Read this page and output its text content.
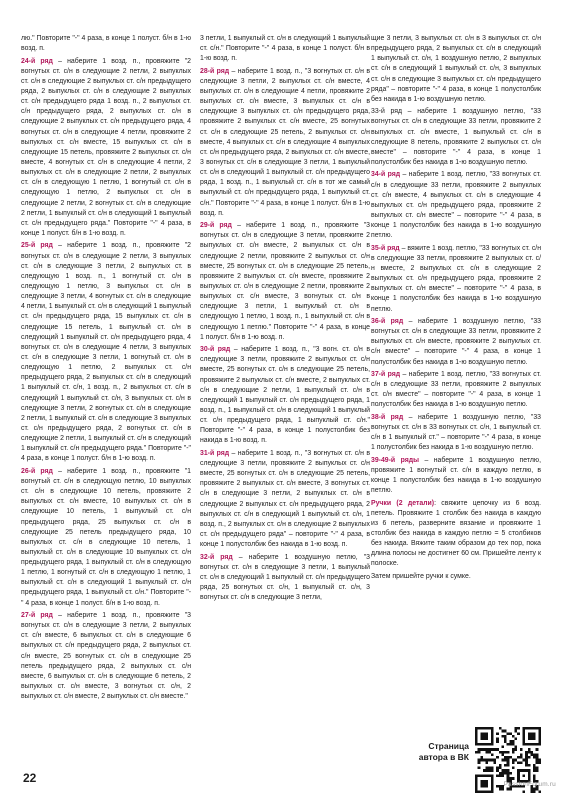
лю." Повторите "-" 4 раза, в конце 1 полуст. б/н в 1-ю возд. п.

24-й ряд – наберите 1 возд. п., провяжите "2 вогнутых ст. с/н в следующие 2 петли, 2 выпуклых ст. с/н в следующие 2 выпуклых ст. с/н предыдущего ряда, 2 выпуклых ст. с/н в следующие 2 выпуклых ст. с/н предыдущего ряда 1 возд. п., 2 выпуклых ст. с/н предыдущего ряда, 2 выпуклых ст. с/н в следующие 2 выпуклых ст. с/н предыдущего ряда, 4 вогнутых ст. с/н в следующие 4 петли, провяжите 2 выпуклых ст. с/н вместе, 15 выпуклых ст. с/н в следующие 15 петель, провяжите 2 выпуклых ст. с/н вместе, 4 вогнутых ст. с/н в следующие 4 петли, 2 выпуклых ст. с/н в следующие 2 петли, 2 выпуклых ст. с/н в следующую 1 петлю, 1 вогнутый ст. с/н в следующую 1 петлю, 2 выпуклых ст. с/н в следующие 2 петли, 2 вогнутых ст. с/н в следующие 2 петли, 1 выпуклый ст. с/н в следующий 1 выпуклый ст. с/н предыдущего ряда." Повторите "-" 4 раза, в конце 1 полуст. б/н в 1-ю возд. п.

25-й ряд – наберите 1 возд. п., провяжите "2 вогнутых ст. с/н в следующие 2 петли, 3 выпуклых ст. с/н в следующие 3 петли, 2 выпуклых ст. в следующую 1 возд. п., 1 вогнутый ст. с/н в следующую 1 петлю, 3 выпуклых ст. с/н в следующие 3 петли, 4 вогнутых ст. с/н в следующие 4 петли, 1 выпуклый ст. с/н в следующий 1 выпуклый ст. с/н предыдущего ряда, 15 выпуклых ст. с/н в следующие 15 петель, 1 выпуклый ст. с/н в следующий 1 выпуклый ст. с/н предыдущего ряда, 4 вогнутых ст. с/н в следующие 4 петли, 3 выпуклых ст. с/н в следующие 3 петли, 1 вогнутый ст. с/н в следующую 1 петлю, 2 выпуклых ст. с/н предыдущего ряда, 2 выпуклых ст. с/н в следующий 1 выпуклый ст. с/н, 1 возд. п., 2 выпуклых ст. с/н в следующий 1 выпуклый ст. с/н, 3 выпуклых ст. с/н в следующие 3 петли, 2 вогнутых ст. с/н в следующие 2 петли, 1 выпуклый ст. с/н в следующие 3 выпуклых ст. с/н предыдущего ряда, 2 вогнутых ст. с/н в следующие 2 петли, 1 выпуклый ст. с/н в следующий 1 выпуклый ст. с/н предыдущего ряда." Повторите "-" 4 раза, в конце 1 полуст. б/н в 1-ю возд. п.

26-й ряд – наберите 1 возд. п., провяжите "1 вогнутый ст. с/н в следующую петлю, 10 выпуклых ст. с/н в следующие 10 петель, провяжите 2 выпуклых ст. с/н вместе, 10 выпуклых ст. с/н в следующие 10 петель, 1 выпуклый ст. с/н предыдущего ряда, 25 выпуклых ст. с/н в следующие 25 петель предыдущего ряда, 10 выпуклых ст. с/н в следующие 10 петель, 1 выпуклый ст. с/н в следующие 10 выпуклых ст. с/н предыдущего ряда, 1 выпуклый ст. с/н в следующую 1 петлю, 1 вогнутый ст. с/н в следующую 1 петлю, 1 выпуклый ст. с/н в следующий 1 выпуклый ст. с/н предыдущего ряда, 1 выпуклый ст. с/н." Повторите "-" 4 раза, в конце 1 полуст. б/н в 1-ю возд. п.

27-й ряд – наберите 1 возд. п., провяжите "3 вогнутых ст. с/н в следующие 3 петли, 2 выпуклых ст. с/н вместе, 6 выпуклых ст. с/н в следующие 6 выпуклых ст. с/н предыдущего ряда, 2 выпуклых ст. с/н вместе, 25 вогнутых ст. с/н в следующие 25 петель предыдущего ряда, 2 выпуклых ст. с/н вместе, 6 выпуклых ст. с/н в следующие 6 петель, 2 выпуклых ст. с/н вместе, 3 вогнутых ст. с/н, 2 выпуклых ст. с/н вместе, 2 выпуклых ст. с/н вместе."

3 петли, 1 выпуклый ст. с/н в следующий 1 выпуклый ст. с/н." Повторите "-" 4 раза, в конце 1 полуст. б/н в 1-ю возд. п.

28-й ряд – наберите 1 возд. п., "3 вогнутых ст. с/н в следующие 3 петли, 2 выпуклых ст. с/н вместе, 4 выпуклых ст. с/н в следующие 4 петли, провяжите 2 выпуклых ст. с/н вместе, 3 выпуклых ст. с/н в следующие 3 выпуклых ст. с/н предыдущего ряда, провяжите 2 выпуклых ст. с/н вместе, 25 вогнутых ст. с/н в следующие 25 петель, 2 выпуклых ст. с/н вместе, 4 выпуклых ст. с/н в следующие 4 выпуклых ст. с/н предыдущего ряда, 2 выпуклых ст. с/н вместе, 3 вогнутых ст. с/н в следующие 3 петли, 1 выпуклый ст. с/н в следующий 1 выпуклый ст. с/н предыдущего ряда, 1 возд. п., 1 выпуклый ст. с/н в тот же самый выпуклый ст. с/н предыдущего ряда, 1 выпуклый ст. с/н." Повторите "-" 4 раза, в конце 1 полуст. б/н в 1-ю возд. п.

29-й ряд – наберите 1 возд. п., провяжите "3 вогнутых ст. с/н в следующие 3 петли, провяжите 2 выпуклых ст. с/н вместе, 2 выпуклых ст. с/н в следующие 2 петли, провяжите 2 выпуклых ст. с/н вместе, 25 вогнутых ст. с/н в следующие 25 петель, провяжите 2 выпуклых ст. с/н вместе, провяжите 2 выпуклых ст. с/н в следующие 2 петли, провяжите 2 выпуклых ст. с/н вместе, 3 вогнутых ст. с/н в следующие 3 петли, 1 выпуклый ст. с/н в следующую 1 петлю, 1 возд. п., 1 выпуклый ст. с/н в следующую 1 петлю." Повторите "-" 4 раза, в конце 1 полуст. б/н в 1-ю возд. п.

30-й ряд – наберите 1 возд. п., "3 вогн. ст. с/н в следующие 3 петли, провяжите 2 выпуклых ст. с/н вместе, 25 вогнутых ст. с/н в следующие 25 петель, провяжите 2 выпуклых ст. с/н вместе, 2 выпуклых ст. с/н в следующие 2 петли, 1 выпуклый ст. с/н в следующий 1 выпуклый ст. с/н предыдущего ряда, 1 возд. п., 1 выпуклый ст. с/н в следующий 1 выпуклый ст. с/н предыдущего ряда, 1 выпуклый ст. с/н." Повторите "-" 4 раза, в конце 1 полустолбик без накида в 1-ю возд. п.

31-й ряд – наберите 1 возд. п., "3 вогнутых ст. с/н в следующие 3 петли, провяжите 2 выпуклых ст. с/н вместе, 25 вогнутых ст. с/н в следующие 25 петель, провяжите 2 выпуклых ст. с/н вместе, 3 вогнутых ст. с/н в следующие 3 петли, 2 выпуклых ст. с/н в следующие 2 выпуклых ст. с/н предыдущего ряда, 2 выпуклых ст. с/н в следующий 1 выпуклый ст. с/н, 1 возд. п., 2 выпуклых ст. с/н в следующие 2 выпуклых ст. с/н предыдущего ряда" – повторите "-" 4 раза, в конце 1 полустолбик без накида в 1-ю возд. п.

32-й ряд – наберите 1 воздушную петлю, "3 вогнутых ст. с/н в следующие 3 петли, 1 выпуклый ст. с/н в следующий 1 выпуклый ст. с/н предыдущего ряда, 25 вогнутых ст. с/н, 1 выпуклый ст. с/н, 3 вогнутых ст. с/н в следующие 3 петли,

щие 3 петли, 3 выпуклых ст. с/н в 3 выпуклых ст. с/н предыдущего ряда, 2 выпуклых ст. с/н в следующий 1 выпуклый ст. с/н, 1 воздушную петлю, 2 выпуклых ст. с/н в следующий 1 выпуклый ст. с/н, 3 выпуклых ст. с/н в следующие 3 выпуклых ст. с/н предыдущего ряда" – повторите "-" 4 раза, в конце 1 полустолбик без накида в 1-ю воздушную петлю.

33-й ряд – наберите 1 воздушную петлю, "33 вогнутых ст. с/н в следующие 33 петли, провяжите 2 выпуклых ст. с/н вместе, 1 выпуклый ст. с/н в следующие 8 петель, провяжите 2 выпуклых ст. с/н вместе" – повторите "-" 4 раза, в конце 1 полустолбик без накида в 1-ю воздушную петлю.

34-й ряд – наберите 1 возд. петлю, "33 вогнутых ст. с/н в следующие 33 петли, провяжите 2 выпуклых ст. с/н вместе, 4 выпуклых ст. с/н в следующие 4 выпуклых ст. с/н предыдущего ряда, провяжите 2 выпуклых ст. с/н вместе" – повторите "-" 4 раза, в конце 1 полустолбик без накида в 1-ю воздушную петлю.

35-й ряд – вяжите 1 возд. петлю, "33 вогнутых ст. с/н в следующие 33 петли, провяжите 2 выпуклых ст. с/н вместе, 2 выпуклых ст. с/н в следующие 2 выпуклых ст. с/н предыдущего ряда, провяжите 2 выпуклых ст. с/н вместе" – повторите "-" 4 раза, в конце 1 полустолбик без накида в 1-ю воздушную петлю.

36-й ряд – наберите 1 воздушную петлю, "33 вогнутых ст. с/н в следующие 33 петли, провяжите 2 выпуклых ст. с/н вместе, провяжите 2 выпуклых ст. с/н вместе" – повторите "-" 4 раза, в конце 1 полустолбик без накида в 1-ю воздушную петлю.

37-й ряд – наберите 1 возд. петлю, "33 вогнутых ст. с/н в следующие 33 петли, провяжите 2 выпуклых ст. с/н вместе" – повторите "-" 4 раза, в конце 1 полустолбик без накида в 1-ю воздушную петлю.

38-й ряд – наберите 1 воздушную петлю, "33 вогнутых ст. с/н в 33 вогнутых ст. с/н, 1 выпуклый ст. с/н в 1 выпуклый ст." – повторите "-" 4 раза, в конце 1 полустолбик без накида в 1-ю воздушную петлю.

39-49-й ряды – наберите 1 воздушную петлю, провяжите 1 вогнутый ст. с/н в каждую петлю, в конце 1 полустолбик без накида в 1-ю воздушную петлю.

Ручки (2 детали): свяжите цепочку из 6 возд. петель. Провяжите 1 столбик без накида в каждую из 6 петель, разверните вязание и провяжите 1 столбик без накида в каждую петлю = 5 столбиков без накида. Вяжите таким образом до тех пор, пока длина полосы не достигнет 60 см. Пришейте ленту к полоске.

Затем пришейте ручки к сумке.

Страница автора в ВК
22	PassionForum.ru
